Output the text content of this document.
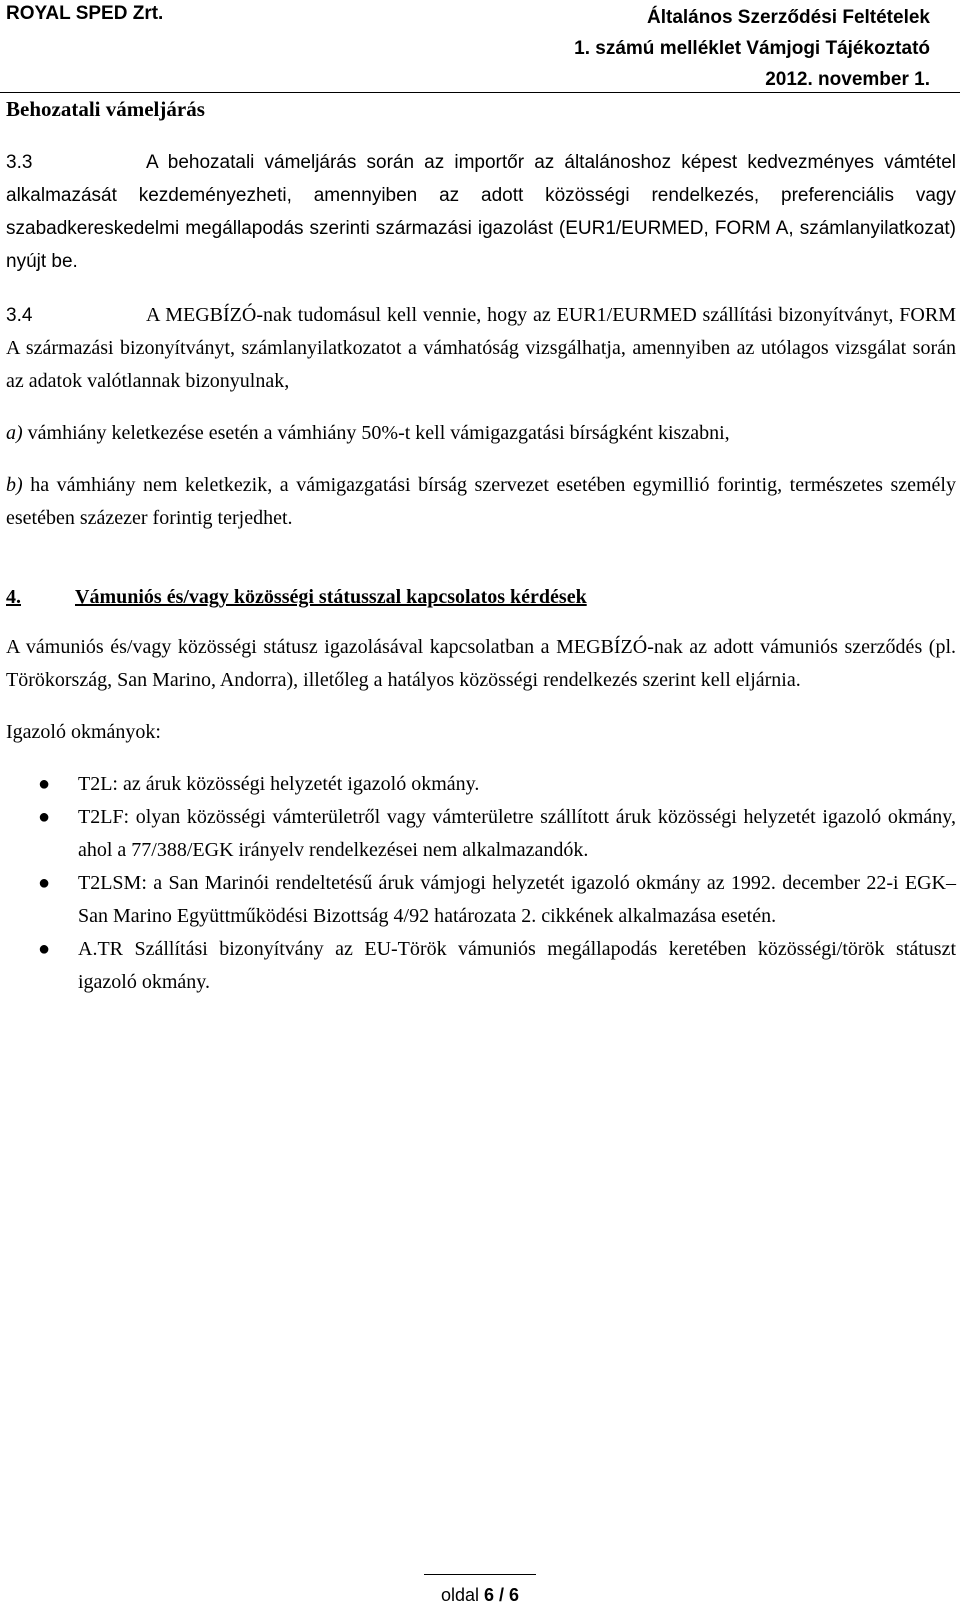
ROYAL SPED Zrt.	Általános Szerződési Feltételek
1. számú melléklet Vámjogi Tájékoztató
2012. november 1.
Behozatali vámeljárás

3.3	A behozatali vámeljárás során az importőr az általánoshoz képest kedvezményes vámtétel alkalmazását kezdeményezheti, amennyiben az adott közösségi rendelkezés, preferenciális vagy szabadkereskedelmi megállapodás szerinti származási igazolást (EUR1/EURMED, FORM A, számlanyilatkozat) nyújt be.

3.4	A MEGBÍZÓ-nak tudomásul kell vennie, hogy az EUR1/EURMED szállítási bizonyítványt, FORM A származási bizonyítványt, számlanyilatkozatot a vámhatóság vizsgálhatja, amennyiben az utólagos vizsgálat során az adatok valótlannak bizonyulnak,

a) vámhiány keletkezése esetén a vámhiány 50%-t kell vámigazgatási bírságként kiszabni,

b) ha vámhiány nem keletkezik, a vámigazgatási bírság szervezet esetében egymillió forintig, természetes személy esetében százezer forintig terjedhet.

4.	Vámuniós és/vagy közösségi státusszal kapcsolatos kérdések

A vámuniós és/vagy közösségi státusz igazolásával kapcsolatban a MEGBÍZÓ-nak az adott vámuniós szerződés (pl. Törökország, San Marino, Andorra), illetőleg a hatályos közösségi rendelkezés szerint kell eljárnia.

Igazoló okmányok:

● T2L: az áruk közösségi helyzetét igazoló okmány.
● T2LF: olyan közösségi vámterületről vagy vámterületre szállított áruk közösségi helyzetét igazoló okmány, ahol a 77/388/EGK irányelv rendelkezései nem alkalmazandók.
● T2LSM: a San Marinói rendeltetésű áruk vámjogi helyzetét igazoló okmány az 1992. december 22-i EGK–San Marino Együttműködési Bizottság 4/92 határozata 2. cikkének alkalmazása esetén.
● A.TR Szállítási bizonyítvány az EU-Török vámuniós megállapodás keretében közösségi/török státuszt igazoló okmány.
oldal 6 / 6
